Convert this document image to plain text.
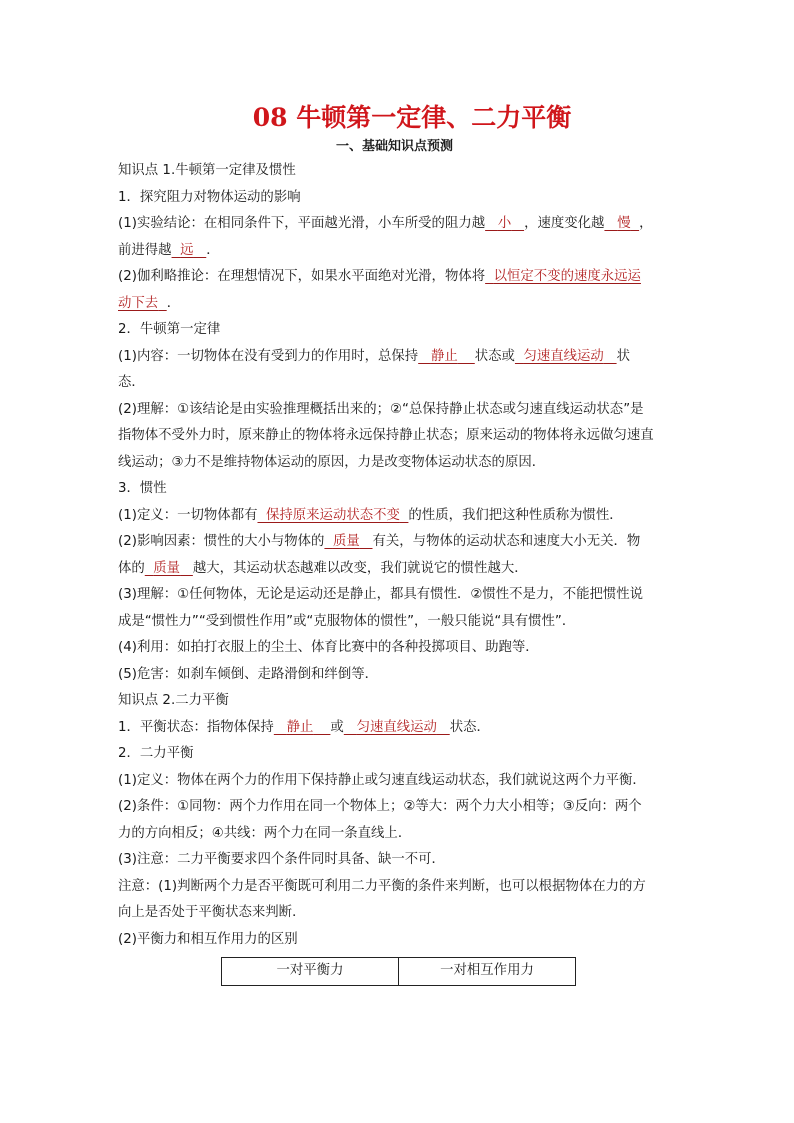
08 牛顿第一定律、二力平衡
一、基础知识点预测
知识点 1.牛顿第一定律及惯性
1．探究阻力对物体运动的影响
(1)实验结论：在相同条件下，平面越光滑，小车所受的阻力越 小 ，速度变化越 慢 ，
前进得越 远 ．
(2)伽利略推论：在理想情况下，如果水平面绝对光滑，物体将 以恒定不变的速度永远运
动下去 ．
2．牛顿第一定律
(1)内容：一切物体在没有受到力的作用时，总保持 静止 状态或 匀速直线运动 状
态．
(2)理解：①该结论是由实验推理概括出来的；②“总保持静止状态或匀速直线运动状态”是
指物体不受外力时，原来静止的物体将永远保持静止状态；原来运动的物体将永远做匀速直
线运动；③力不是维持物体运动的原因，力是改变物体运动状态的原因．
3．惯性
(1)定义：一切物体都有 保持原来运动状态不变 的性质，我们把这种性质称为惯性．
(2)影响因素：惯性的大小与物体的 质量 有关，与物体的运动状态和速度大小无关．物
体的 质量 越大，其运动状态越难以改变，我们就说它的惯性越大．
(3)理解：①任何物体，无论是运动还是静止，都具有惯性．②惯性不是力，不能把惯性说
成是“惯性力”“受到惯性作用”或“克服物体的惯性”，一般只能说“具有惯性”．
(4)利用：如拍打衣服上的尘土、体育比赛中的各种投掷项目、助跑等．
(5)危害：如刹车倾倒、走路滑倒和绊倒等．
知识点 2.二力平衡
1．平衡状态：指物体保持 静止 或 匀速直线运动 状态．
2．二力平衡
(1)定义：物体在两个力的作用下保持静止或匀速直线运动状态，我们就说这两个力平衡．
(2)条件：①同物：两个力作用在同一个物体上；②等大：两个力大小相等；③反向：两个
力的方向相反；④共线：两个力在同一条直线上．
(3)注意：二力平衡要求四个条件同时具备、缺一不可．
注意：(1)判断两个力是否平衡既可利用二力平衡的条件来判断，也可以根据物体在力的方
向上是否处于平衡状态来判断．
(2)平衡力和相互作用力的区别
一对平衡力	一对相互作用力
